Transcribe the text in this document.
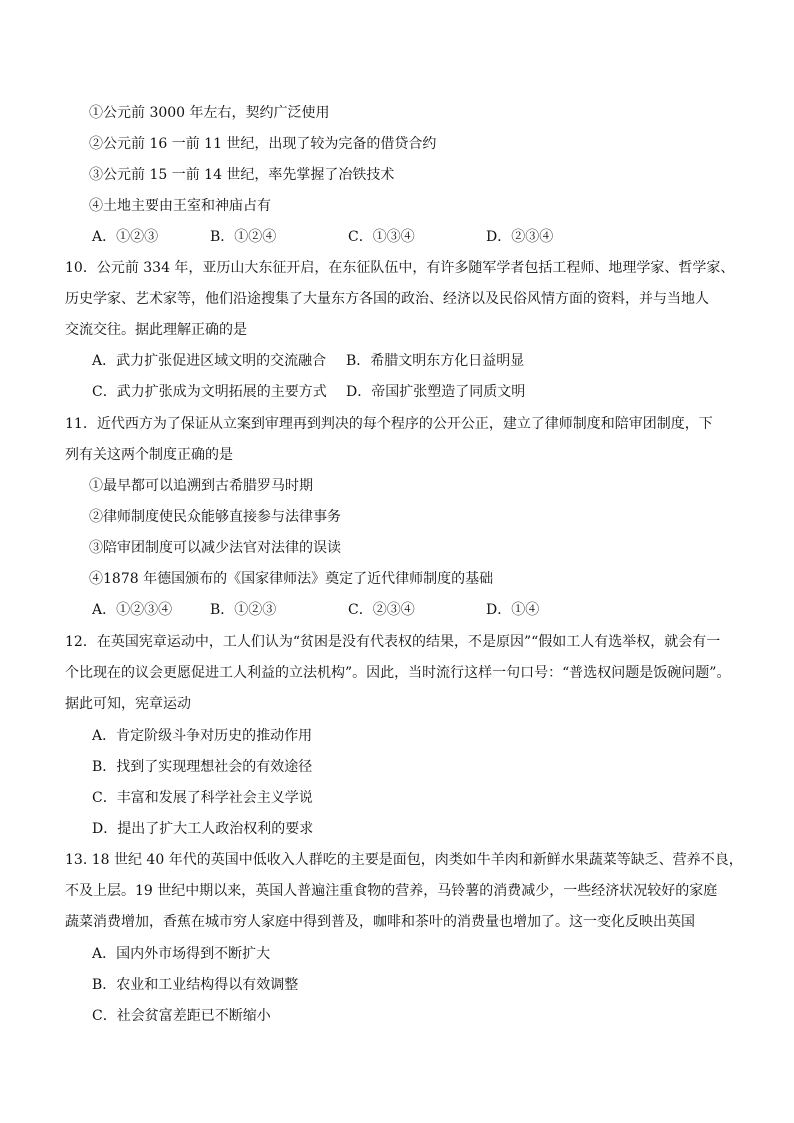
①公元前 3000 年左右，契约广泛使用
②公元前 16 一前 11 世纪，出现了较为完备的借贷合约
③公元前 15 一前 14 世纪，率先掌握了冶铁技术
④土地主要由王室和神庙占有
A．①②③	B．①②④	C．①③④	D．②③④
10．公元前 334 年，亚历山大东征开启，在东征队伍中，有许多随军学者包括工程师、地理学家、哲学家、
历史学家、艺术家等，他们沿途搜集了大量东方各国的政治、经济以及民俗风情方面的资料，并与当地人
交流交往。据此理解正确的是
A．武力扩张促进区域文明的交流融合 B．希腊文明东方化日益明显
C．武力扩张成为文明拓展的主要方式 D．帝国扩张塑造了同质文明
11．近代西方为了保证从立案到审理再到判决的每个程序的公开公正，建立了律师制度和陪审团制度，下
列有关这两个制度正确的是
①最早都可以追溯到古希腊罗马时期
②律师制度使民众能够直接参与法律事务
③陪审团制度可以减少法官对法律的误读
④1878 年德国颁布的《国家律师法》奠定了近代律师制度的基础
A．①②③④	B．①②③	C．②③④	D．①④
12．在英国宪章运动中，工人们认为“贫困是没有代表权的结果，不是原因”“假如工人有选举权，就会有一
个比现在的议会更愿促进工人利益的立法机构”。因此，当时流行这样一句口号：“普选权问题是饭碗问题”。
据此可知，宪章运动
A．肯定阶级斗争对历史的推动作用
B．找到了实现理想社会的有效途径
C．丰富和发展了科学社会主义学说
D．提出了扩大工人政治权利的要求
13. 18 世纪 40 年代的英国中低收入人群吃的主要是面包，肉类如牛羊肉和新鲜水果蔬菜等缺乏、营养不良，
不及上层。19 世纪中期以来，英国人普遍注重食物的营养，马铃薯的消费减少，一些经济状况较好的家庭
蔬菜消费增加，香蕉在城市穷人家庭中得到普及，咖啡和茶叶的消费量也增加了。这一变化反映出英国
A．国内外市场得到不断扩大
B．农业和工业结构得以有效调整
C．社会贫富差距已不断缩小
